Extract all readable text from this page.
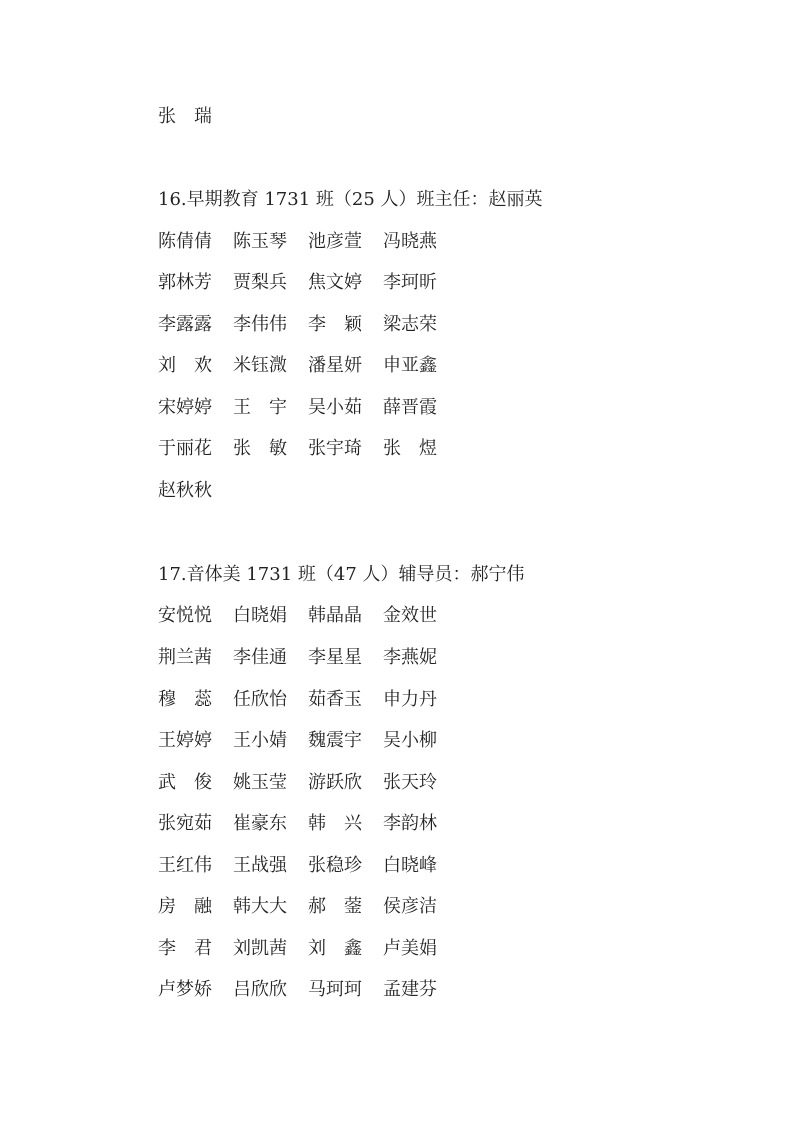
张　瑞
16.早期教育 1731 班（25 人）班主任：赵丽英
陈倩倩 陈玉琴 池彦萱 冯晓燕
郭林芳 贾梨兵 焦文婷 李珂昕
李露露 李伟伟 李　颖 梁志荣
刘　欢 米钰溦 潘星妍 申亚鑫
宋婷婷 王　宇 吴小茹 薛晋霞
于丽花 张　敏 张宇琦 张　煜
赵秋秋
17.音体美 1731 班（47 人）辅导员：郝宁伟
安悦悦 白晓娟 韩晶晶 金效世
荆兰茜 李佳通 李星星 李燕妮
穆　蕊 任欣怡 茹香玉 申力丹
王婷婷 王小婧 魏震宇 吴小柳
武　俊 姚玉莹 游跃欣 张天玲
张宛茹 崔豪东 韩　兴 李韵林
王红伟 王战强 张稳珍 白晓峰
房　融 韩大大 郝　蓥 侯彦洁
李　君 刘凯茜 刘　鑫 卢美娟
卢梦娇 吕欣欣 马珂珂 孟建芬
